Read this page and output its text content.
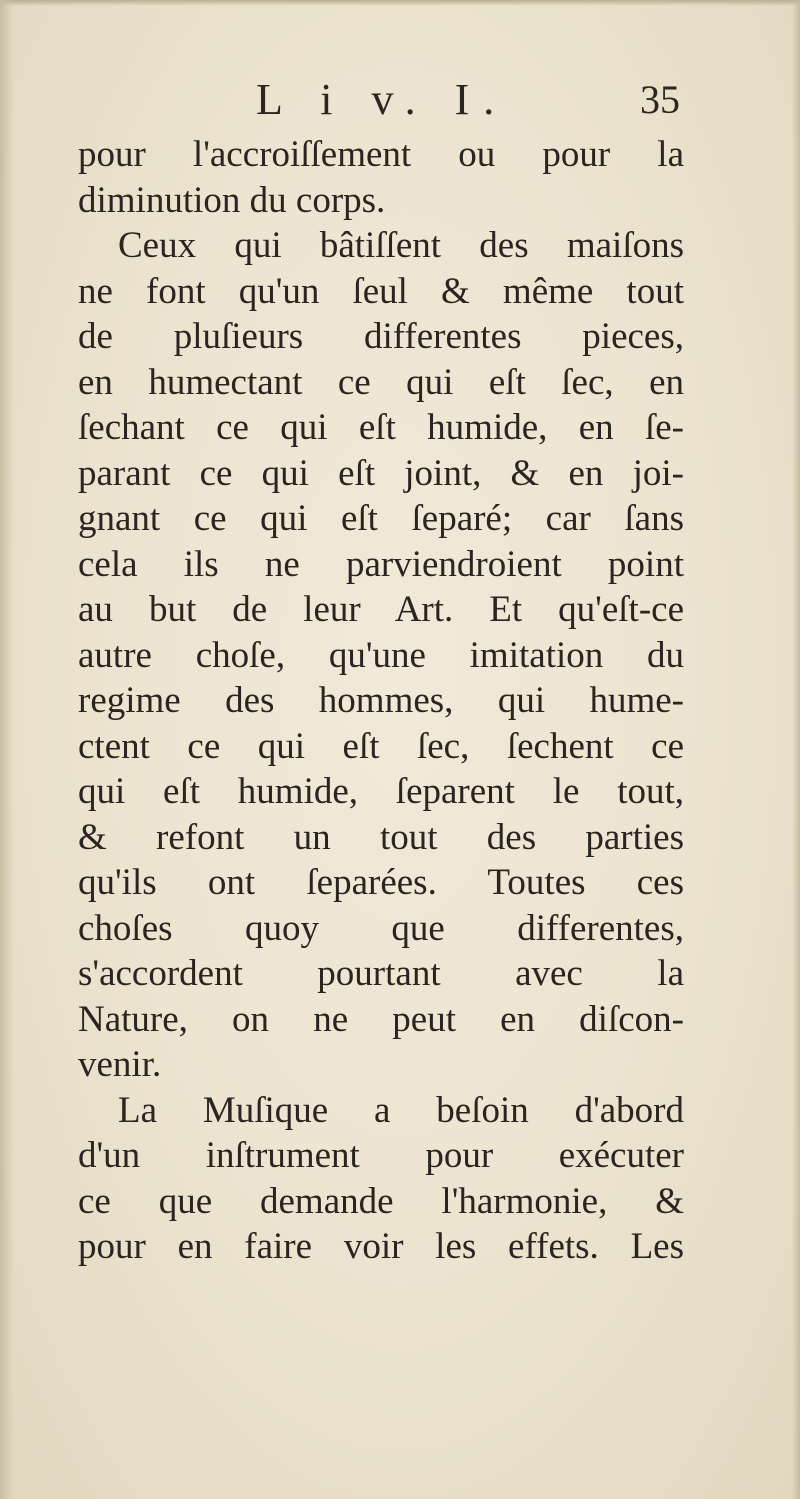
L i v. I.	35
pour l'accroiſſement ou pour la
diminution du corps.
Ceux qui bâtiſſent des maiſons
ne font qu'un ſeul & même tout
de pluſieurs differentes pieces,
en humectant ce qui eſt ſec, en
ſechant ce qui eſt humide, en ſe-
parant ce qui eſt joint, & en joi-
gnant ce qui eſt ſeparé; car ſans
cela ils ne parviendroient point
au but de leur Art. Et qu'eſt-ce
autre choſe, qu'une imitation du
regime des hommes, qui hume-
ctent ce qui eſt ſec, ſechent ce
qui eſt humide, ſeparent le tout,
& refont un tout des parties
qu'ils ont ſeparées. Toutes ces
choſes quoy que differentes,
s'accordent pourtant avec la
Nature, on ne peut en diſcon-
venir.
La Muſique a beſoin d'abord
d'un inſtrument pour exécuter
ce que demande l'harmonie, &
pour en faire voir les effets. Les
